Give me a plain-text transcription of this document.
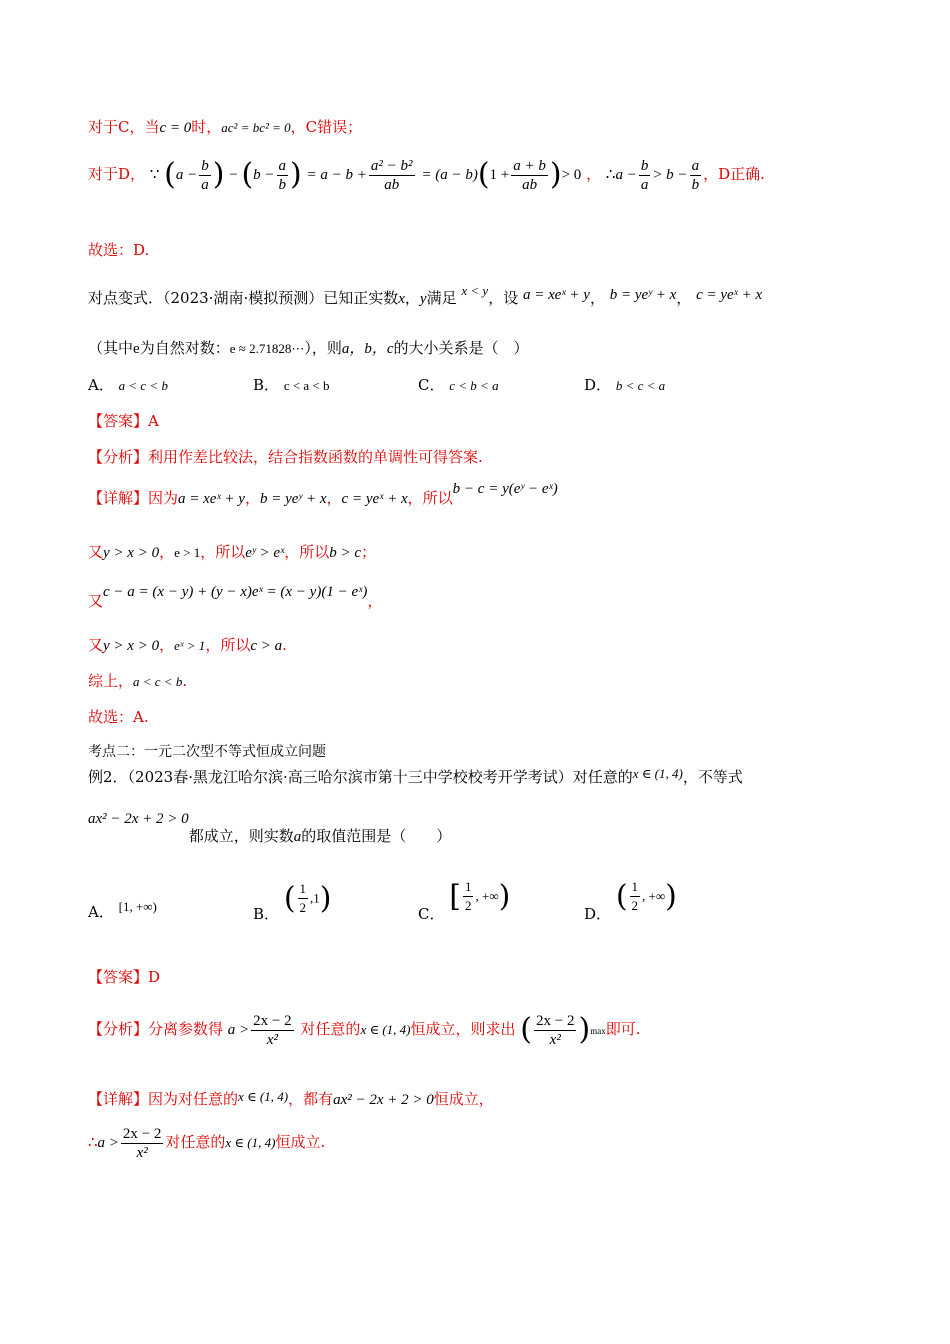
对于C，当c = 0时，ac² = bc² = 0，C错误；
对于D， ∵ ($a - \frac{b}{a}$ ) − ($b - \frac{a}{b}$ ) = $a - b + \frac{\text{a² − b²}}{ab} = (a - b)(1 + \frac{a + b}{ab}$ )> 0 ， ∴a − $\frac{b}{a} > b - \frac{a}{b}$ ，D正确.
故选：D.
对点变式．（2023·湖南·模拟预测）已知正实数x，y满足 x < y，设 a = xeˣ + y， b = yeʸ + x， c = yeˣ + x
（其中e为自然对数：e ≈ 2.71828⋯），则a，b，c的大小关系是（　）
A． a < c < b	B． c < a < b	C． c < b < a	D． b < c < a
【答案】A
【分析】利用作差比较法，结合指数函数的单调性可得答案.
【详解】因为a = xeˣ + y，b = yeʸ + x，c = yeˣ + x，所以b − c = y(eʸ − eˣ)
又y > x > 0，e > 1，所以eʸ > eˣ，所以b > c；
又c − a = (x − y) + (y − x)eˣ = (x − y)(1 − eˣ)，
又y > x > 0，eˣ > 1，所以c > a.
综上，a < c < b.
故选：A.
考点二：一元二次型不等式恒成立问题
例2．（2023春·黑龙江哈尔滨·高三哈尔滨市第十三中学校校考开学考试）对任意的x ∈ (1, 4)，不等式
ax² − 2x + 2 > 0都成立，则实数a的取值范围是（　　）
A． [1, +∞)	B． ( $\frac{1}{2} ,1$)	C． [ $\frac{1}{2}$ , +∞)	D． ( $\frac{1}{2}$ , +∞)
【答案】D
【分析】分离参数得 $a > \frac{2x - 2}{\text{x²}}$ 对任意的x ∈ (1, 4)恒成立，则求出 ( $\frac{2x - 2}{\text{x²}} )\max$即可.
【详解】因为对任意的x ∈ (1, 4)，都有ax² − 2x + 2 > 0恒成立，
∴a > $\frac{2x - 2}{\text{x²}}$ 对任意的x ∈ (1, 4)恒成立.
